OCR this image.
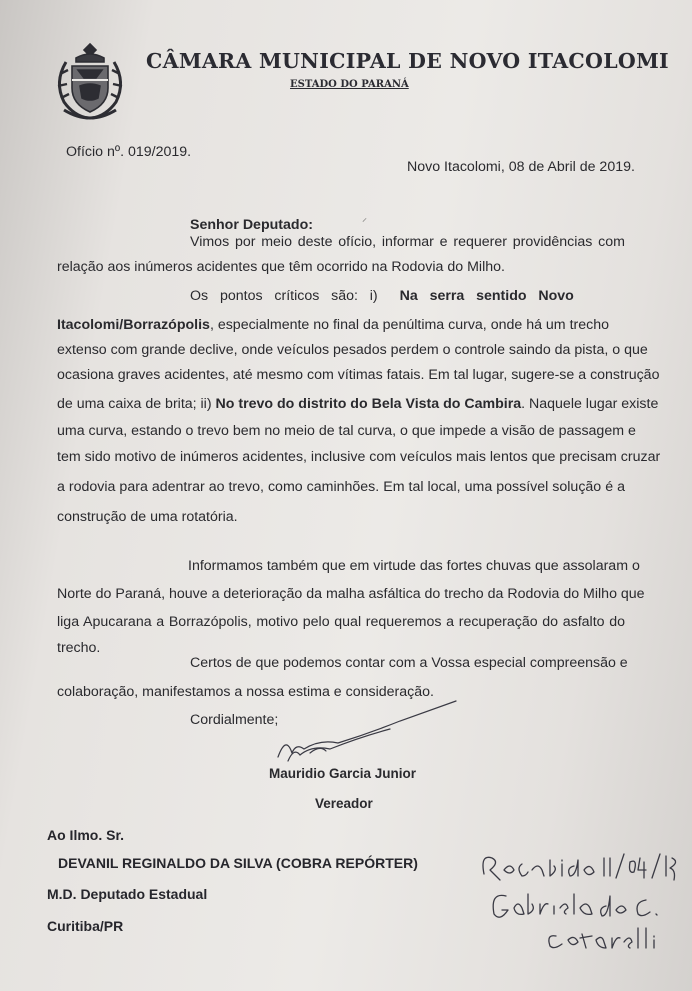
CÂMARA MUNICIPAL DE NOVO ITACOLOMI
ESTADO DO PARANÁ
Ofício nº. 019/2019.
Novo Itacolomi, 08 de Abril de 2019.
⸝
Senhor Deputado:
Vimos por meio deste ofício, informar e requerer providências com
relação aos inúmeros acidentes que têm ocorrido na Rodovia do Milho.
Os   pontos   críticos   são:   i) Na   serra   sentido   Novo
Itacolomi/Borrazópolis, especialmente no final da penúltima curva, onde há um trecho
extenso com grande declive, onde veículos pesados perdem o controle saindo da pista, o que
ocasiona graves acidentes, até mesmo com vítimas fatais. Em tal lugar, sugere-se a construção
de uma caixa de brita; ii) No trevo do distrito do Bela Vista do Cambira. Naquele lugar existe
uma curva, estando o trevo bem no meio de tal curva, o que impede a visão de passagem e
tem sido motivo de inúmeros acidentes, inclusive com veículos mais lentos que precisam cruzar
a rodovia para adentrar ao trevo, como caminhões. Em tal local, uma possível solução é a
construção de uma rotatória.
Informamos também que em virtude das fortes chuvas que assolaram o
Norte do Paraná, houve a deterioração da malha asfáltica do trecho da Rodovia do Milho que
liga Apucarana a Borrazópolis, motivo pelo qual requeremos a recuperação do asfalto do
trecho.
Certos de que podemos contar com a Vossa especial compreensão e
colaboração, manifestamos a nossa estima e consideração.
Cordialmente;
Mauridio Garcia Junior
Vereador
Ao Ilmo. Sr.
DEVANIL REGINALDO DA SILVA (COBRA REPÓRTER)
M.D. Deputado Estadual
Curitiba/PR
